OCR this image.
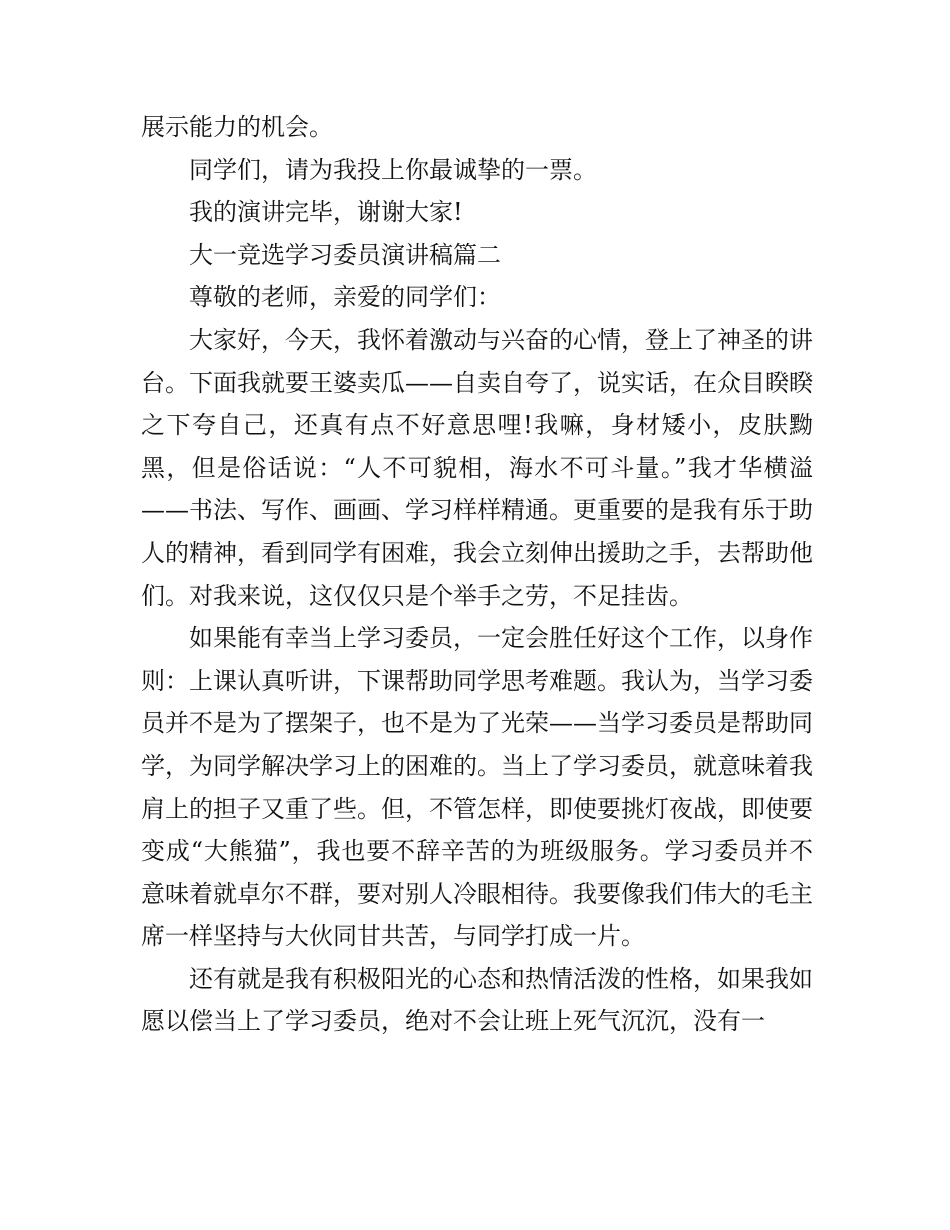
展示能力的机会。

同学们，请为我投上你最诚挚的一票。

我的演讲完毕，谢谢大家!

大一竞选学习委员演讲稿篇二

尊敬的老师，亲爱的同学们：

大家好，今天，我怀着激动与兴奋的心情，登上了神圣的讲台。下面我就要王婆卖瓜——自卖自夸了，说实话，在众目睽睽之下夸自己，还真有点不好意思哩!我嘛，身材矮小，皮肤黝黑，但是俗话说：“人不可貌相，海水不可斗量。”我才华横溢——书法、写作、画画、学习样样精通。更重要的是我有乐于助人的精神，看到同学有困难，我会立刻伸出援助之手，去帮助他们。对我来说，这仅仅只是个举手之劳，不足挂齿。

如果能有幸当上学习委员，一定会胜任好这个工作，以身作则：上课认真听讲，下课帮助同学思考难题。我认为，当学习委员并不是为了摆架子，也不是为了光荣——当学习委员是帮助同学，为同学解决学习上的困难的。当上了学习委员，就意味着我肩上的担子又重了些。但，不管怎样，即使要挑灯夜战，即使要变成“大熊猫”，我也要不辞辛苦的为班级服务。学习委员并不意味着就卓尔不群，要对别人冷眼相待。我要像我们伟大的毛主席一样坚持与大伙同甘共苦，与同学打成一片。

还有就是我有积极阳光的心态和热情活泼的性格，如果我如愿以偿当上了学习委员，绝对不会让班上死气沉沉，没有一
